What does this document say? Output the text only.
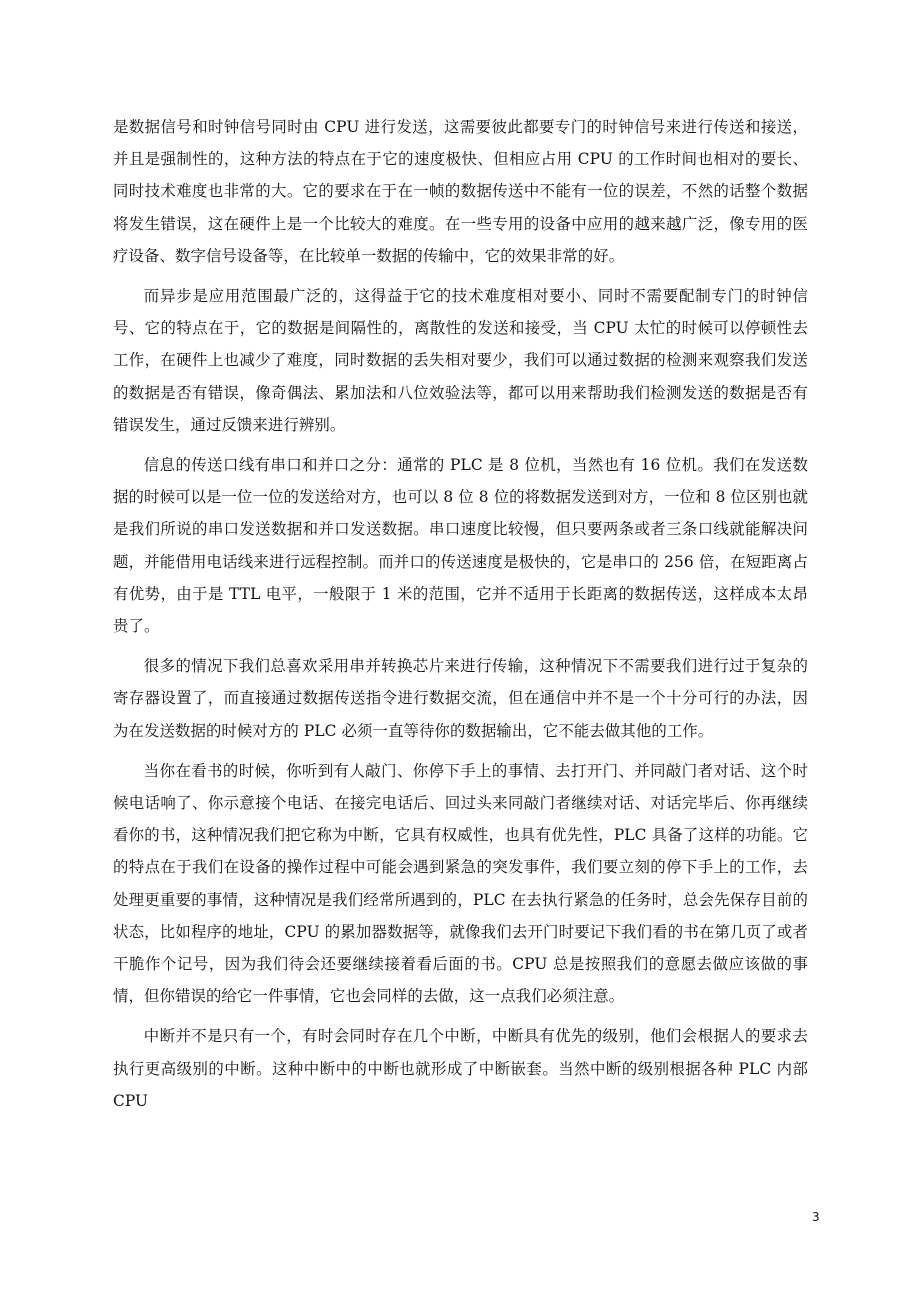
是数据信号和时钟信号同时由 CPU 进行发送，这需要彼此都要专门的时钟信号来进行传送和接送，并且是强制性的，这种方法的特点在于它的速度极快、但相应占用 CPU 的工作时间也相对的要长、同时技术难度也非常的大。它的要求在于在一帧的数据传送中不能有一位的误差，不然的话整个数据将发生错误，这在硬件上是一个比较大的难度。在一些专用的设备中应用的越来越广泛，像专用的医疗设备、数字信号设备等，在比较单一数据的传输中，它的效果非常的好。

而异步是应用范围最广泛的，这得益于它的技术难度相对要小、同时不需要配制专门的时钟信号、它的特点在于，它的数据是间隔性的，离散性的发送和接受，当 CPU 太忙的时候可以停顿性去工作，在硬件上也减少了难度，同时数据的丢失相对要少，我们可以通过数据的检测来观察我们发送的数据是否有错误，像奇偶法、累加法和八位效验法等，都可以用来帮助我们检测发送的数据是否有错误发生，通过反馈来进行辨别。

信息的传送口线有串口和并口之分：通常的 PLC 是 8 位机，当然也有 16 位机。我们在发送数据的时候可以是一位一位的发送给对方，也可以 8 位 8 位的将数据发送到对方，一位和 8 位区别也就是我们所说的串口发送数据和并口发送数据。串口速度比较慢，但只要两条或者三条口线就能解决问题，并能借用电话线来进行远程控制。而并口的传送速度是极快的，它是串口的 256 倍，在短距离占有优势，由于是 TTL 电平，一般限于 1 米的范围，它并不适用于长距离的数据传送，这样成本太昂贵了。

很多的情况下我们总喜欢采用串并转换芯片来进行传输，这种情况下不需要我们进行过于复杂的寄存器设置了，而直接通过数据传送指令进行数据交流，但在通信中并不是一个十分可行的办法，因为在发送数据的时候对方的 PLC 必须一直等待你的数据输出，它不能去做其他的工作。

当你在看书的时候，你听到有人敲门、你停下手上的事情、去打开门、并同敲门者对话、这个时候电话响了、你示意接个电话、在接完电话后、回过头来同敲门者继续对话、对话完毕后、你再继续看你的书，这种情况我们把它称为中断，它具有权威性，也具有优先性，PLC 具备了这样的功能。它的特点在于我们在设备的操作过程中可能会遇到紧急的突发事件，我们要立刻的停下手上的工作，去处理更重要的事情，这种情况是我们经常所遇到的，PLC 在去执行紧急的任务时，总会先保存目前的状态，比如程序的地址，CPU 的累加器数据等，就像我们去开门时要记下我们看的书在第几页了或者干脆作个记号，因为我们待会还要继续接着看后面的书。CPU 总是按照我们的意愿去做应该做的事情，但你错误的给它一件事情，它也会同样的去做，这一点我们必须注意。

中断并不是只有一个，有时会同时存在几个中断，中断具有优先的级别，他们会根据人的要求去执行更高级别的中断。这种中断中的中断也就形成了中断嵌套。当然中断的级别根据各种 PLC 内部 CPU

3
